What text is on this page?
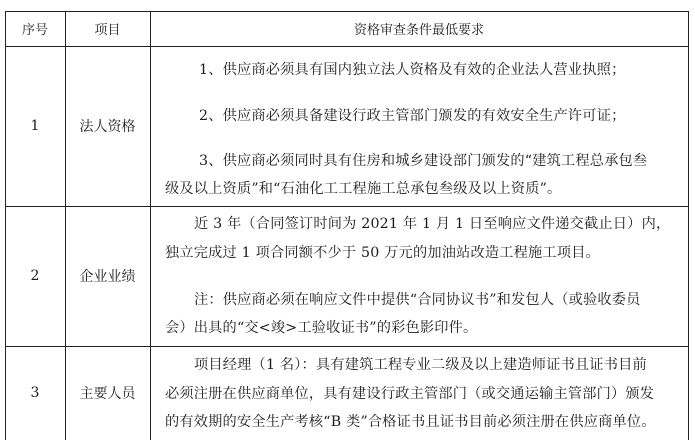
序号	项目	资格审查条件最低要求
1	法人资格
1、供应商必须具有国内独立法人资格及有效的企业法人营业执照；
2、供应商必须具备建设行政主管部门颁发的有效安全生产许可证；
3、供应商必须同时具有住房和城乡建设部门颁发的“建筑工程总承包叁
级及以上资质”和“石油化工工程施工总承包叁级及以上资质”。
2	企业业绩
近 3 年（合同签订时间为 2021 年 1 月 1 日至响应文件递交截止日）内，
独立完成过 1 项合同额不少于 50 万元的加油站改造工程施工项目。
注：供应商必须在响应文件中提供“合同协议书”和发包人（或验收委员
会）出具的“交<竣>工验收证书”的彩色影印件。
3	主要人员
项目经理（1 名）：具有建筑工程专业二级及以上建造师证书且证书目前
必须注册在供应商单位，具有建设行政主管部门（或交通运输主管部门）颁发
的有效期的安全生产考核“B 类”合格证书且证书目前必须注册在供应商单位。
